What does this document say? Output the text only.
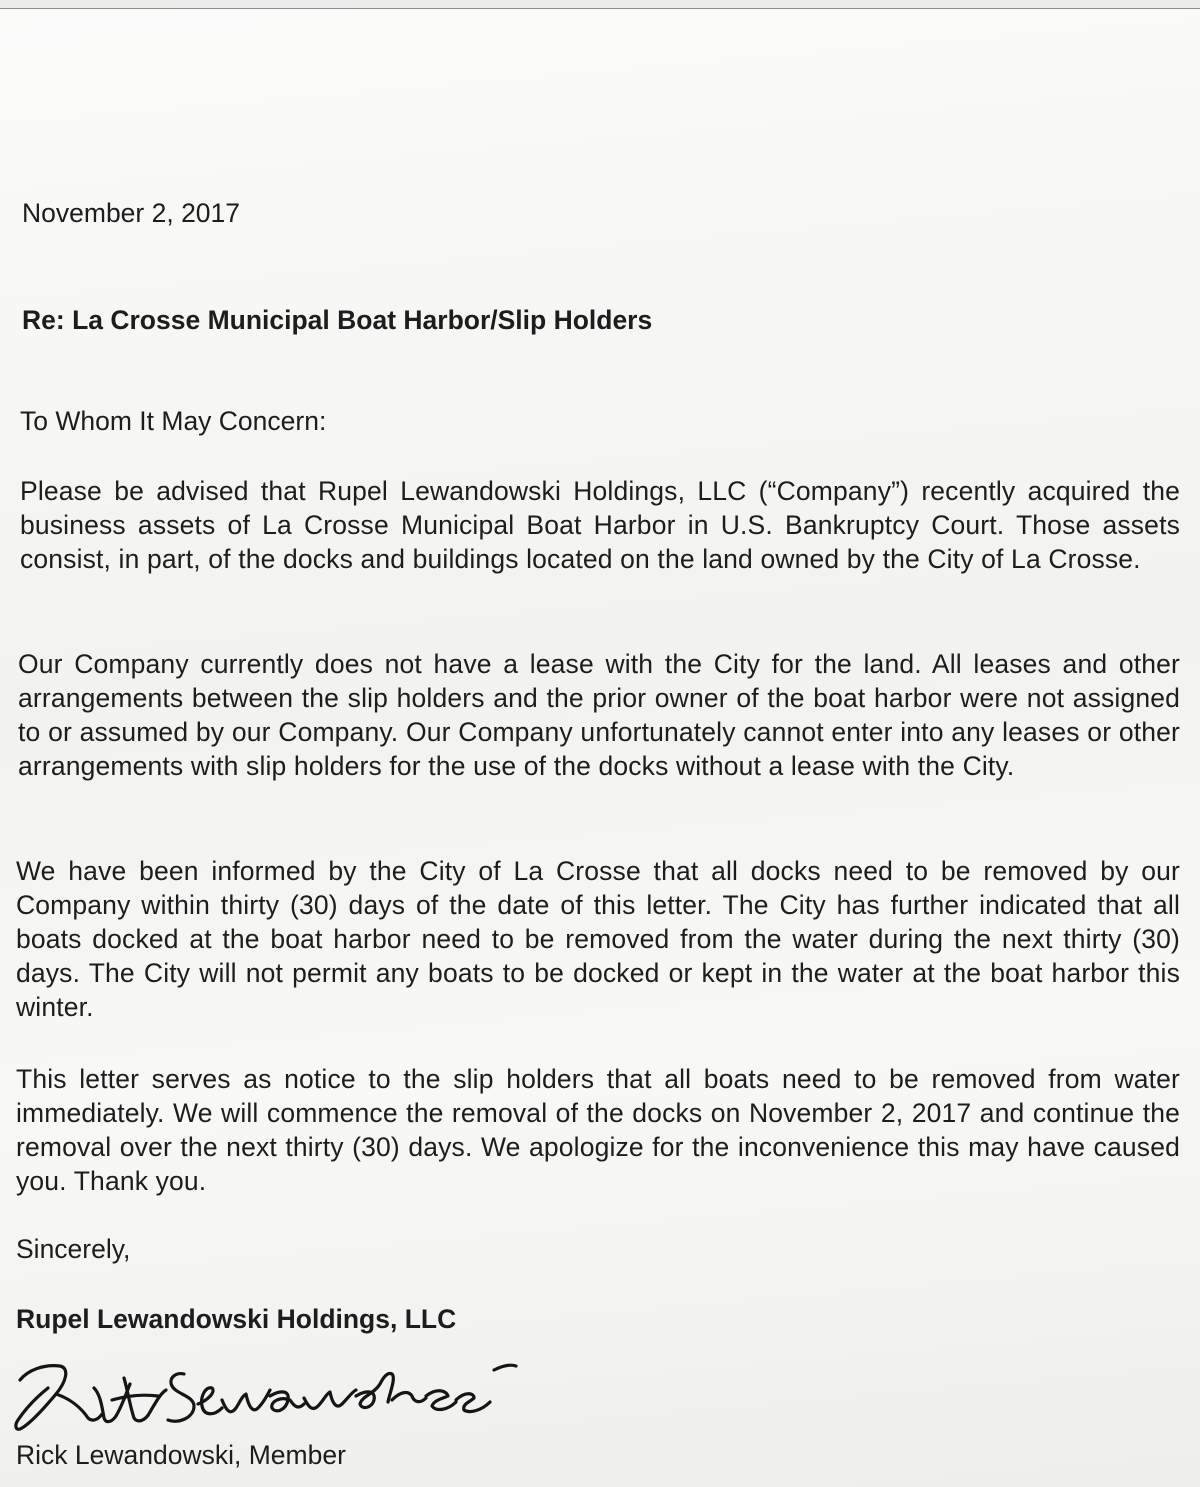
November 2, 2017
Re: La Crosse Municipal Boat Harbor/Slip Holders
To Whom It May Concern:
Please be advised that Rupel Lewandowski Holdings, LLC (“Company”) recently acquired the business assets of La Crosse Municipal Boat Harbor in U.S. Bankruptcy Court. Those assets consist, in part, of the docks and buildings located on the land owned by the City of La Crosse.
Our Company currently does not have a lease with the City for the land. All leases and other arrangements between the slip holders and the prior owner of the boat harbor were not assigned to or assumed by our Company. Our Company unfortunately cannot enter into any leases or other arrangements with slip holders for the use of the docks without a lease with the City.
We have been informed by the City of La Crosse that all docks need to be removed by our Company within thirty (30) days of the date of this letter. The City has further indicated that all boats docked at the boat harbor need to be removed from the water during the next thirty (30) days. The City will not permit any boats to be docked or kept in the water at the boat harbor this winter.
This letter serves as notice to the slip holders that all boats need to be removed from water immediately. We will commence the removal of the docks on November 2, 2017 and continue the removal over the next thirty (30) days. We apologize for the inconvenience this may have caused you. Thank you.
Sincerely,
Rupel Lewandowski Holdings, LLC
Rick Lewandowski, Member
